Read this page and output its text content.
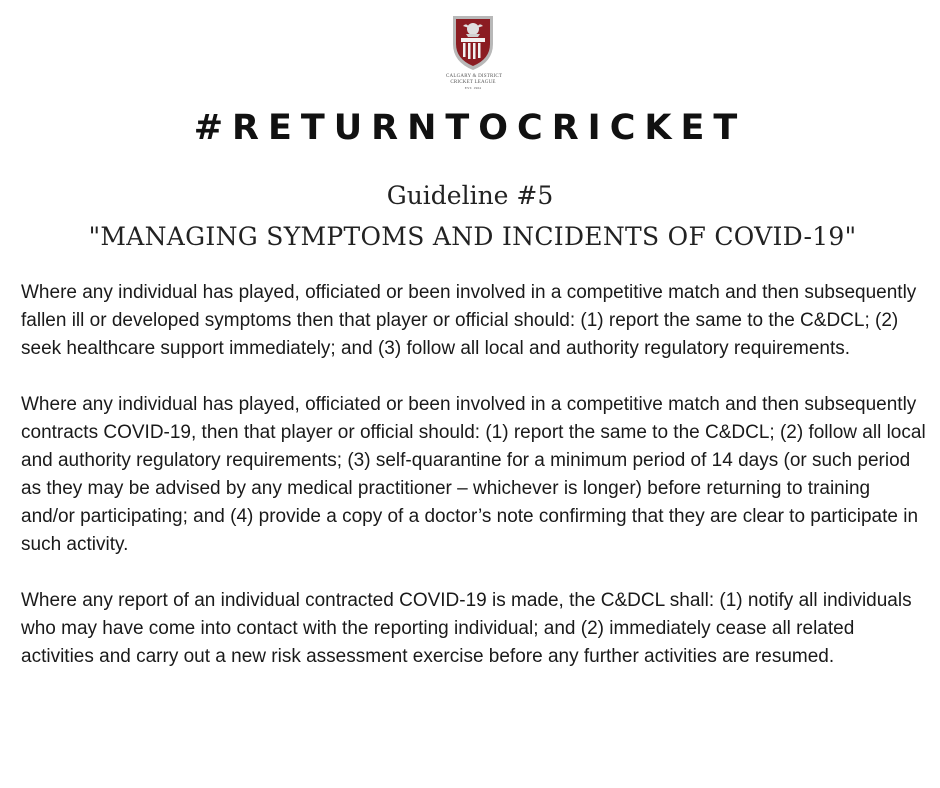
CALGARY & DISTRICT
CRICKET LEAGUE
EST. 1964
#RETURNTOCRICKET
Guideline #5
"MANAGING SYMPTOMS AND INCIDENTS OF COVID-19"

Where any individual has played, officiated or been involved in a competitive match and then subsequently fallen ill or developed symptoms then that player or official should: (1) report the same to the C&DCL; (2) seek healthcare support immediately; and (3) follow all local and authority regulatory requirements.

Where any individual has played, officiated or been involved in a competitive match and then subsequently contracts COVID-19, then that player or official should: (1) report the same to the C&DCL; (2) follow all local and authority regulatory requirements; (3) self-quarantine for a minimum period of 14 days (or such period as they may be advised by any medical practitioner – whichever is longer) before returning to training and/or participating; and (4) provide a copy of a doctor’s note confirming that they are clear to participate in such activity.

Where any report of an individual contracted COVID-19 is made, the C&DCL shall: (1) notify all individuals who may have come into contact with the reporting individual; and (2) immediately cease all related activities and carry out a new risk assessment exercise before any further activities are resumed.
